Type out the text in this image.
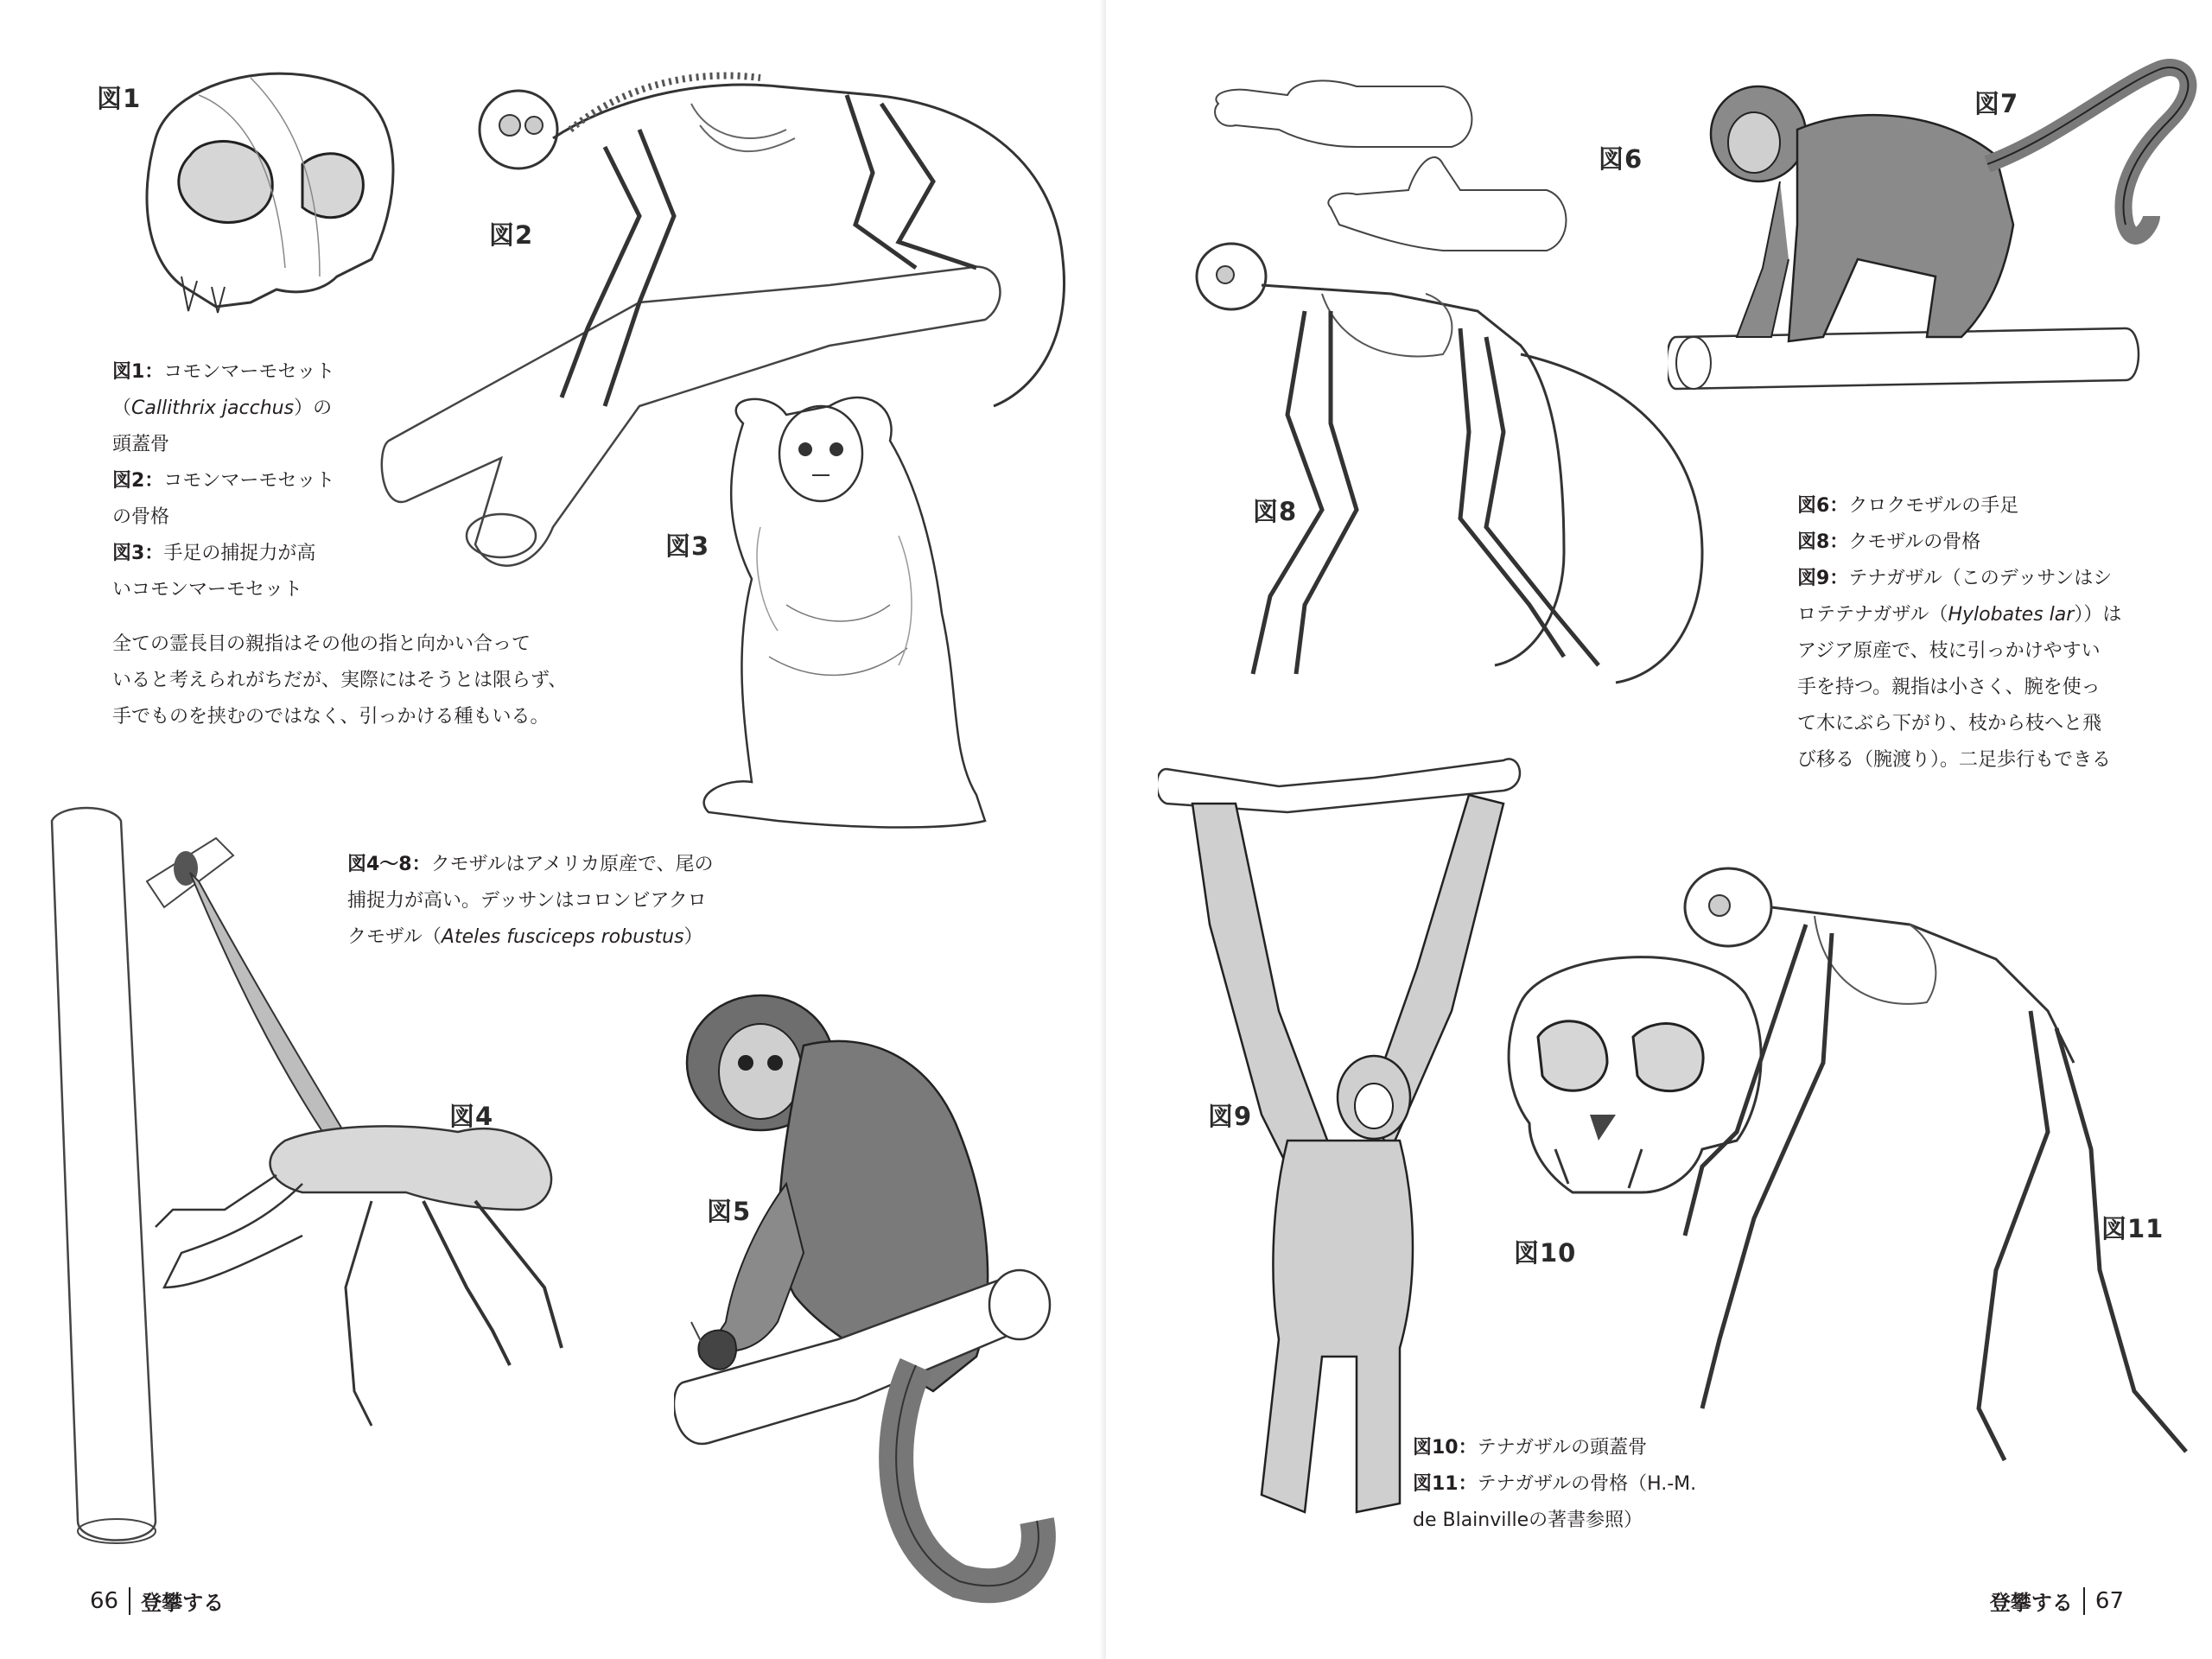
図1
図2
図3
図1：コモンマーモセット
（Callithrix jacchus）の
頭蓋骨
図2：コモンマーモセット
の骨格
図3：手足の捕捉力が高
いコモンマーモセット
全ての霊長目の親指はその他の指と向かい合って
いると考えられがちだが、実際にはそうとは限らず、
手でものを挟むのではなく、引っかける種もいる。
図4
図4～8：クモザルはアメリカ原産で、尾の
捕捉力が高い。デッサンはコロンビアクロ
クモザル（Ateles fusciceps robustus）
図5
66 登攀する
図6
図7
図8	図6：クロクモザルの手足
図8：クモザルの骨格
図9：テナガザル（このデッサンはシ
ロテテナガザル（Hylobates lar））は
アジア原産で、枝に引っかけやすい
手を持つ。親指は小さく、腕を使っ
て木にぶら下がり、枝から枝へと飛
び移る（腕渡り）。二足歩行もできる
図9
図10
図11
図10：テナガザルの頭蓋骨
図11：テナガザルの骨格（H.-M.
de Blainvilleの著書参照）
登攀する 67
